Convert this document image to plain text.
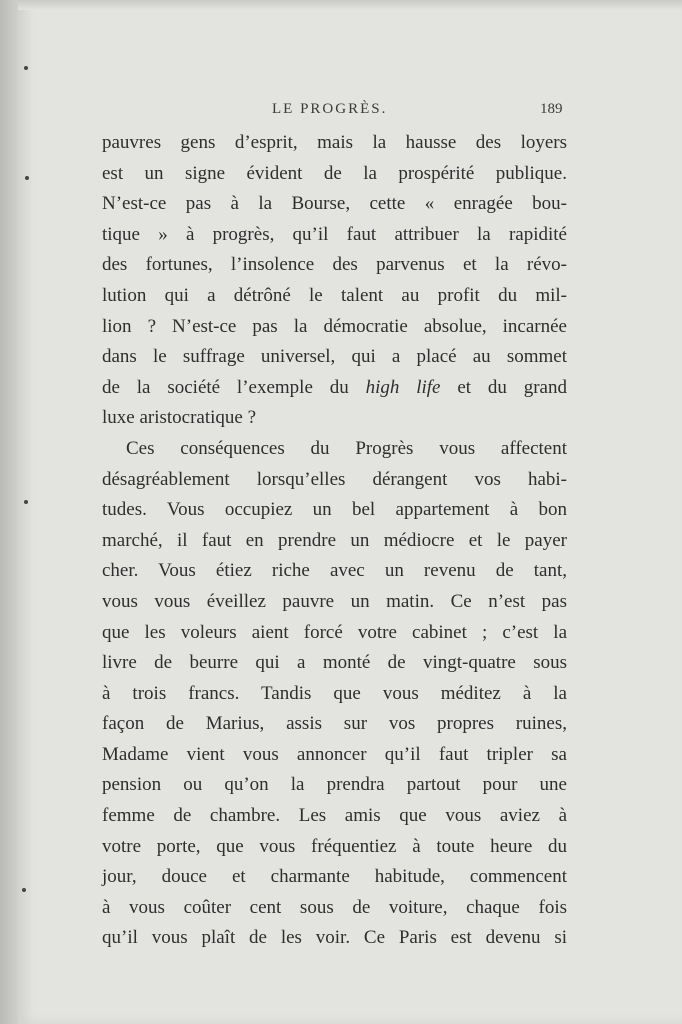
LE PROGRÈS.	189
pauvres gens d’esprit, mais la hausse des loyers
est un signe évident de la prospérité publique.
N’est-ce pas à la Bourse, cette « enragée bou-
tique » à progrès, qu’il faut attribuer la rapidité
des fortunes, l’insolence des parvenus et la révo-
lution qui a détrôné le talent au profit du mil-
lion ? N’est-ce pas la démocratie absolue, incarnée
dans le suffrage universel, qui a placé au sommet
de la société l’exemple du high life et du grand
luxe aristocratique ?
Ces conséquences du Progrès vous affectent
désagréablement lorsqu’elles dérangent vos habi-
tudes. Vous occupiez un bel appartement à bon
marché, il faut en prendre un médiocre et le payer
cher. Vous étiez riche avec un revenu de tant,
vous vous éveillez pauvre un matin. Ce n’est pas
que les voleurs aient forcé votre cabinet ; c’est la
livre de beurre qui a monté de vingt-quatre sous
à trois francs. Tandis que vous méditez à la
façon de Marius, assis sur vos propres ruines,
Madame vient vous annoncer qu’il faut tripler sa
pension ou qu’on la prendra partout pour une
femme de chambre. Les amis que vous aviez à
votre porte, que vous fréquentiez à toute heure du
jour, douce et charmante habitude, commencent
à vous coûter cent sous de voiture, chaque fois
qu’il vous plaît de les voir. Ce Paris est devenu si
